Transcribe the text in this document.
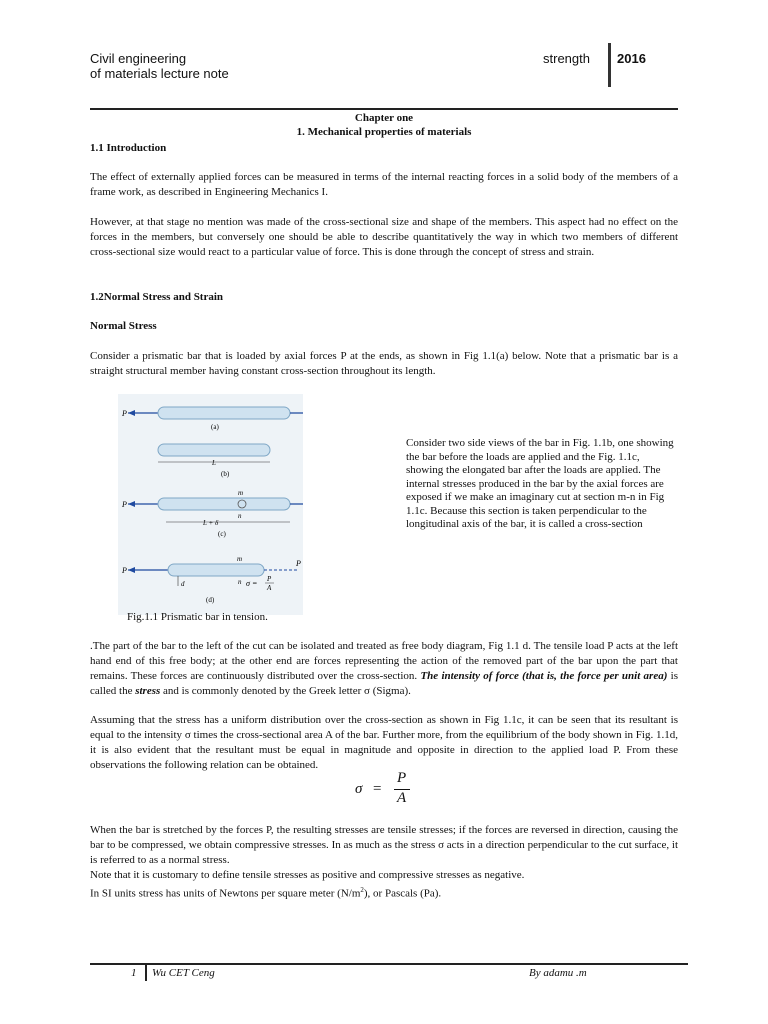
Civil engineering
of materials lecture note
strength 2016
Chapter one
1. Mechanical properties of materials
1.1 Introduction

The effect of externally applied forces can be measured in terms of the internal reacting forces in a solid body of the members of a frame work, as described in Engineering Mechanics I.

However, at that stage no mention was made of the cross-sectional size and shape of the members. This aspect had no effect on the forces in the members, but conversely one should be able to describe quantitatively the way in which two members of different cross-sectional size would react to a particular value of force. This is done through the concept of stress and strain.

1.2Normal Stress and Strain
Normal Stress

Consider a prismatic bar that is loaded by axial forces P at the ends, as shown in Fig 1.1(a) below. Note that a prismatic bar is a straight structural member having constant cross-section throughout its length.

P
(a)
L
(b)
m
n
L + δ
(c)
P
d
m
n σ = P
A
P
P
(d)

Consider two side views of the bar in Fig. 1.1b, one showing the bar before the loads are applied and the Fig. 1.1c, showing the elongated bar after the loads are applied. The internal stresses produced in the bar by the axial forces are exposed if we make an imaginary cut at section m-n in Fig 1.1c. Because this section is taken perpendicular to the longitudinal axis of the bar, it is called a cross-section

Fig.1.1 Prismatic bar in tension.

.The part of the bar to the left of the cut can be isolated and treated as free body diagram, Fig 1.1 d. The tensile load P acts at the left hand end of this free body; at the other end are forces representing the action of the removed part of the bar upon the part that remains. These forces are continuously distributed over the cross-section. The intensity of force (that is, the force per unit area) is called the stress and is commonly denoted by the Greek letter σ (Sigma).

Assuming that the stress has a uniform distribution over the cross-section as shown in Fig 1.1c, it can be seen that its resultant is equal to the intensity σ times the cross-sectional area A of the bar. Further more, from the equilibrium of the body shown in Fig. 1.1d, it is also evident that the resultant must be equal in magnitude and opposite in direction to the applied load P. From these observations the following relation can be obtained.

σ =
P
A

When the bar is stretched by the forces P, the resulting stresses are tensile stresses; if the forces are reversed in direction, causing the bar to be compressed, we obtain compressive stresses. In as much as the stress σ acts in a direction perpendicular to the cut surface, it is referred to as a normal stress.

Note that it is customary to define tensile stresses as positive and compressive stresses as negative.
In SI units stress has units of Newtons per square meter $(N/m^2)$, or Pascals (Pa).
1 Wu CET Ceng	By adamu .m
